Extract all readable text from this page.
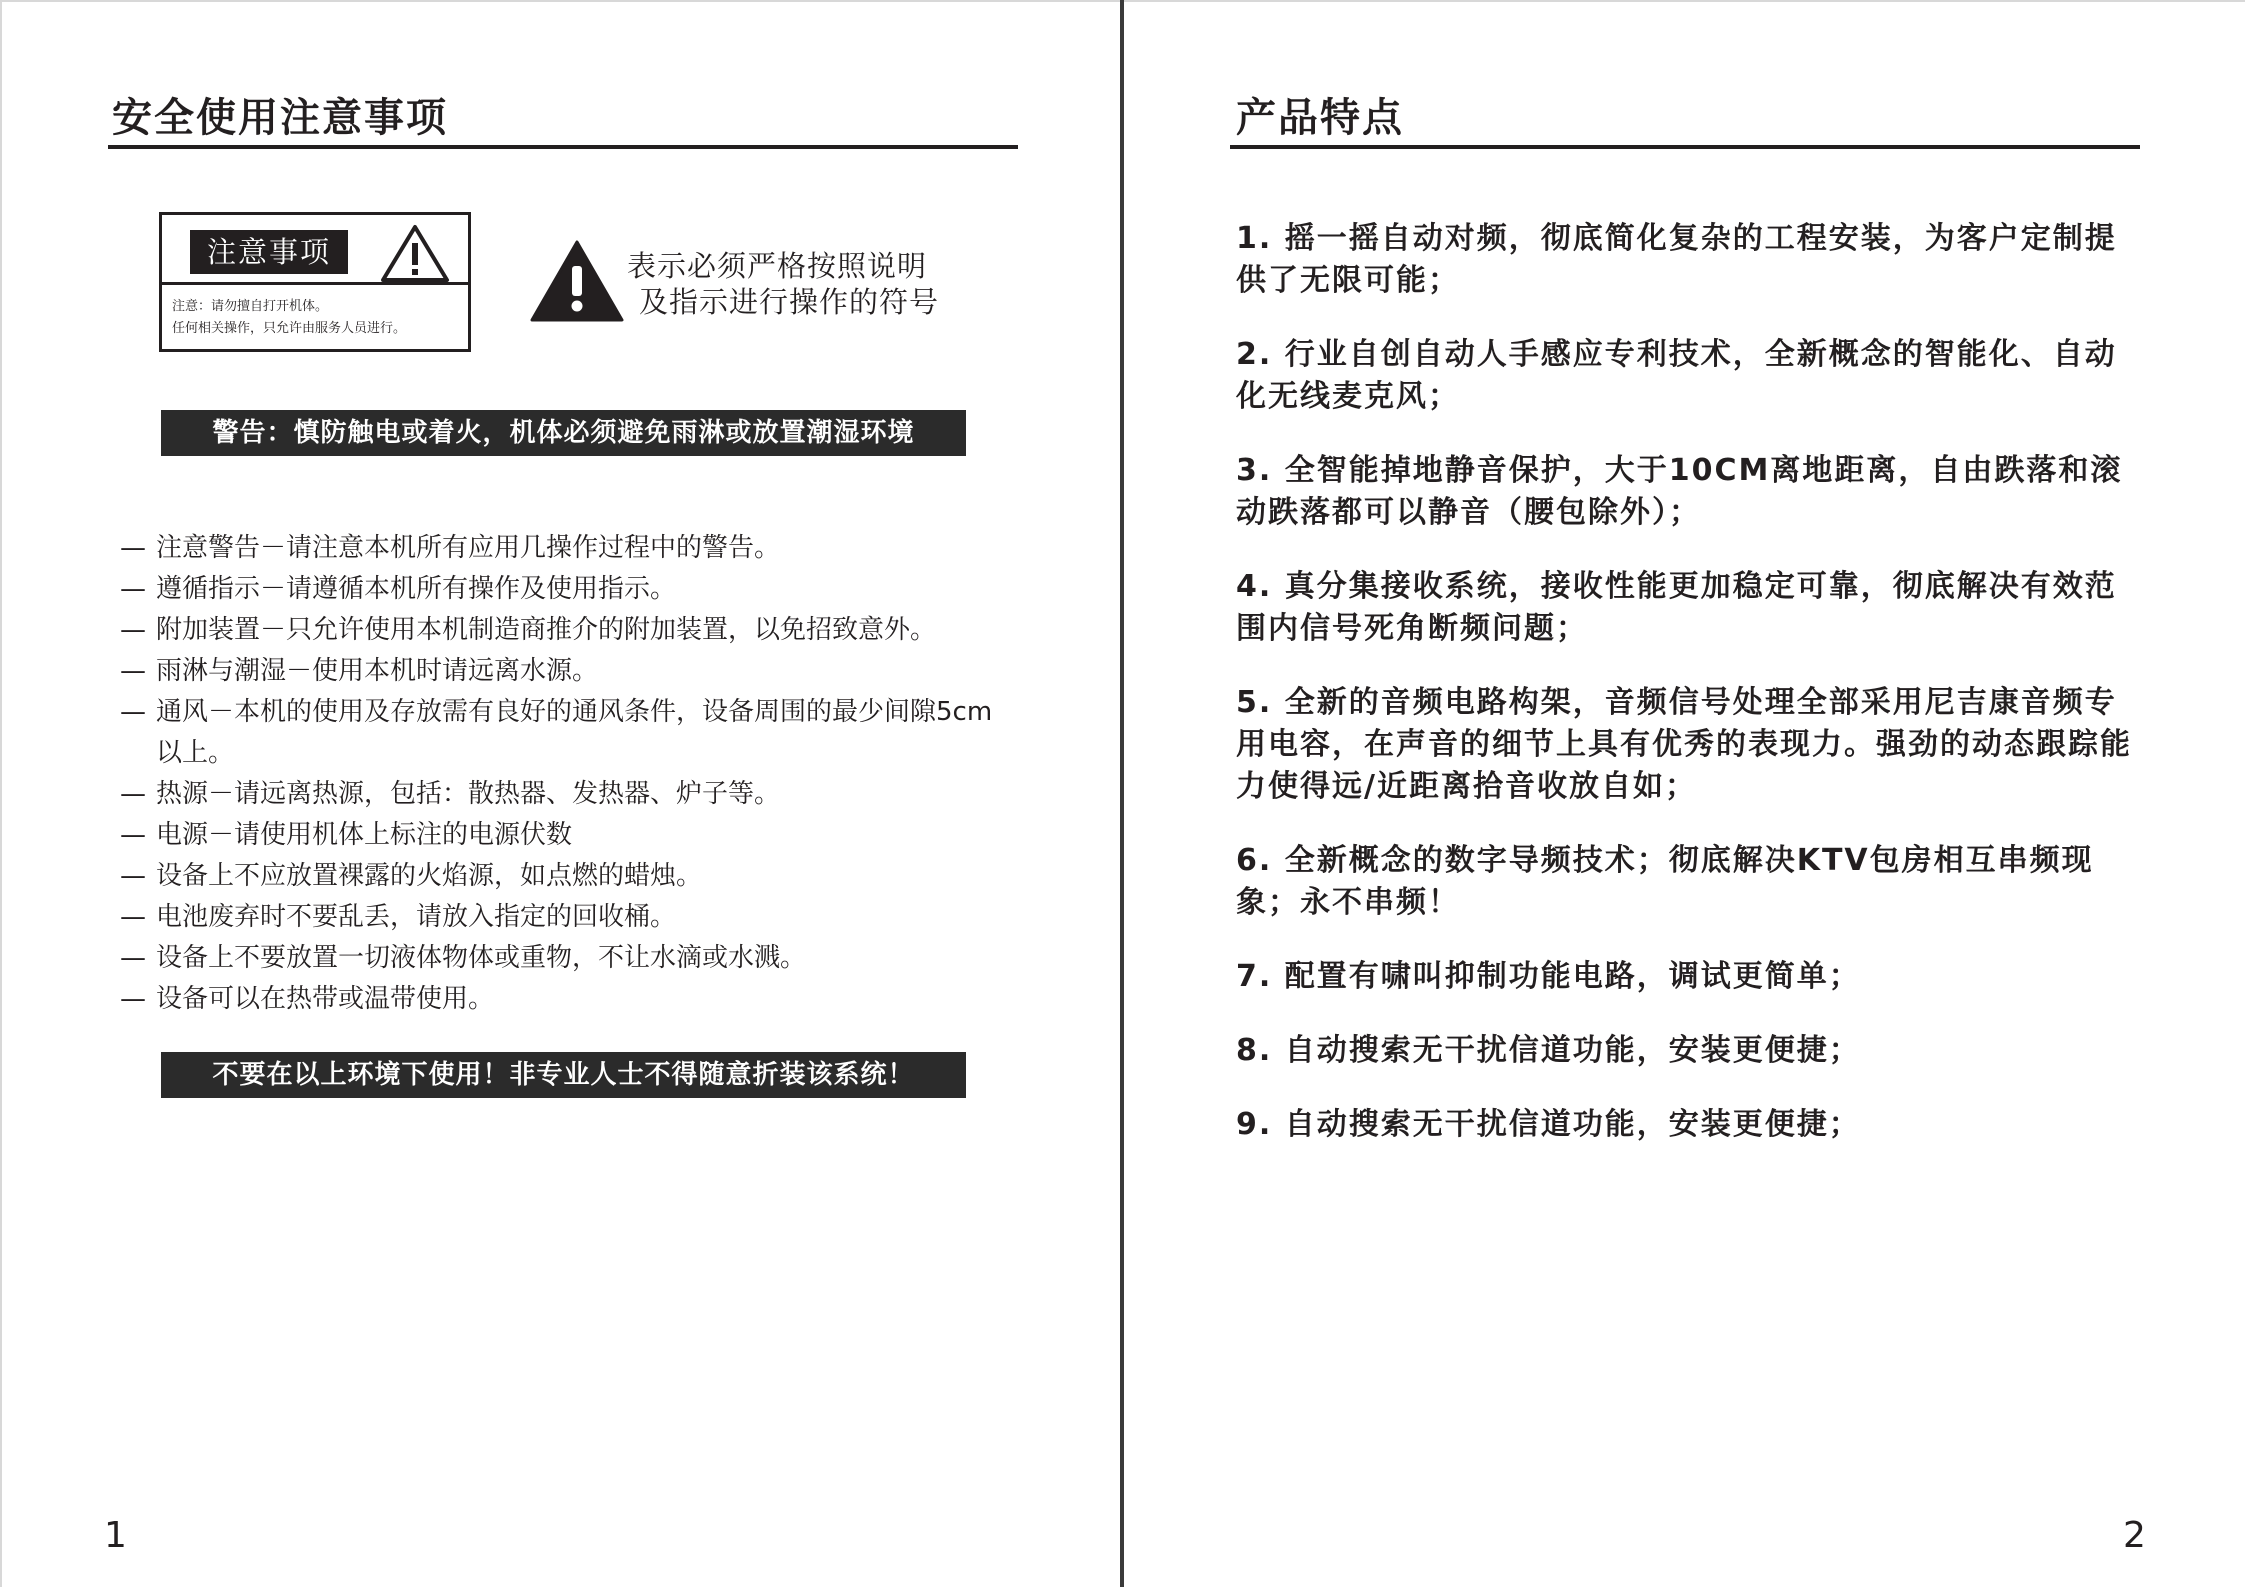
安全使用注意事项
注意事项
注意：请勿擅自打开机体。
任何相关操作，只允许由服务人员进行。
表示必须严格按照说明
及指示进行操作的符号
警告：慎防触电或着火，机体必须避免雨淋或放置潮湿环境
— 注意警告－请注意本机所有应用几操作过程中的警告。
— 遵循指示－请遵循本机所有操作及使用指示。
— 附加装置－只允许使用本机制造商推介的附加装置，以免招致意外。
— 雨淋与潮湿－使用本机时请远离水源。
— 通风－本机的使用及存放需有良好的通风条件，设备周围的最少间隙5cm以上。
— 热源－请远离热源，包括：散热器、发热器、炉子等。
— 电源－请使用机体上标注的电源伏数
— 设备上不应放置裸露的火焰源，如点燃的蜡烛。
— 电池废弃时不要乱丢，请放入指定的回收桶。
— 设备上不要放置一切液体物体或重物，不让水滴或水溅。
— 设备可以在热带或温带使用。
不要在以上环境下使用！非专业人士不得随意折装该系统！
1
产品特点
2
1. 摇一摇自动对频，彻底简化复杂的工程安装，为客户定制提供了无限可能；
2. 行业自创自动人手感应专利技术，全新概念的智能化、自动化无线麦克风；
3. 全智能掉地静音保护，大于10CM离地距离，自由跌落和滚动跌落都可以静音（腰包除外）；
4. 真分集接收系统，接收性能更加稳定可靠，彻底解决有效范围内信号死角断频问题；
5. 全新的音频电路构架，音频信号处理全部采用尼吉康音频专用电容，在声音的细节上具有优秀的表现力。强劲的动态跟踪能力使得远/近距离拾音收放自如；
6. 全新概念的数字导频技术；彻底解决KTV包房相互串频现象；永不串频！
7. 配置有啸叫抑制功能电路，调试更简单；
8. 自动搜索无干扰信道功能，安装更便捷；
9. 自动搜索无干扰信道功能，安装更便捷；
